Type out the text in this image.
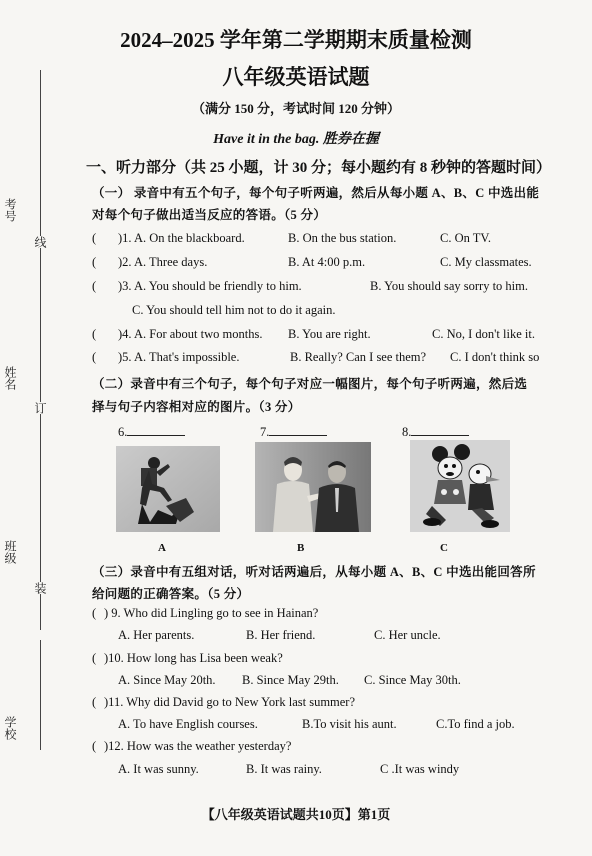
考号
姓名
班级
学校
线
订
装
2024–2025 学年第二学期期末质量检测
八年级英语试题
（满分 150 分，考试时间 120 分钟）
Have it in the bag. 胜券在握
一、听力部分（共 25 小题，计 30 分；每小题约有 8 秒钟的答题时间）
（一） 录音中有五个句子，每个句子听两遍，然后从每小题 A、B、C 中选出能
对每个句子做出适当反应的答语。（5 分）
( )1. A. On the blackboard.	B. On the bus station.	C. On TV.
( )2. A. Three days.	B. At 4:00 p.m.	C. My classmates.
( )3. A. You should be friendly to him.	B. You should say sorry to him.
C. You should tell him not to do it again.
( )4. A. For about two months. B. You are right.	C. No, I don't like it.
( )5. A. That's impossible.	B. Really? Can I see them? C. I don't think so
（二）录音中有三个句子，每个句子对应一幅图片，每个句子听两遍，然后选
择与句子内容相对应的图片。（3 分）
6.	7.	8.
A	B	C
（三）录音中有五组对话，听对话两遍后，从每小题 A、B、C 中选出能回答所
给问题的正确答案。（5 分）
( ) 9. Who did Lingling go to see in Hainan?
A. Her parents.	B. Her friend.	C. Her uncle.
( )10. How long has Lisa been weak?
A. Since May 20th. B. Since May 29th. C. Since May 30th.
( )11. Why did David go to New York last summer?
A. To have English courses.	B.To visit his aunt.	C.To find a job.
( )12. How was the weather yesterday?
A. It was sunny.	B. It was rainy.	C .It was windy
【八年级英语试题共10页】第1页
